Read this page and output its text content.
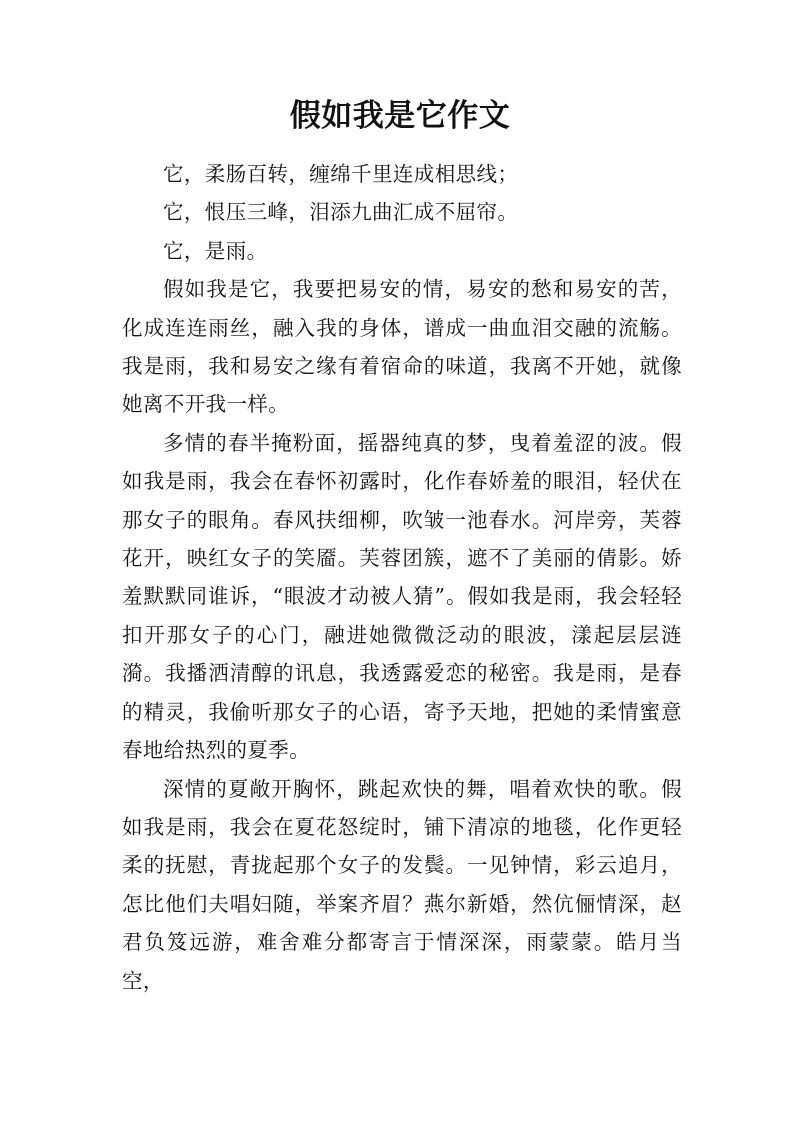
假如我是它作文

它，柔肠百转，缠绵千里连成相思线；

它，恨压三峰，泪添九曲汇成不屈帘。

它，是雨。

假如我是它，我要把易安的情，易安的愁和易安的苦，化成连连雨丝，融入我的身体，谱成一曲血泪交融的流觞。我是雨，我和易安之缘有着宿命的味道，我离不开她，就像她离不开我一样。

多情的春半掩粉面，摇器纯真的梦，曳着羞涩的波。假如我是雨，我会在春怀初露时，化作春娇羞的眼泪，轻伏在那女子的眼角。春风扶细柳，吹皱一池春水。河岸旁，芙蓉花开，映红女子的笑靥。芙蓉团簇，遮不了美丽的倩影。娇羞默默同谁诉，“眼波才动被人猜”。假如我是雨，我会轻轻扣开那女子的心门，融进她微微泛动的眼波，漾起层层涟漪。我播洒清醇的讯息，我透露爱恋的秘密。我是雨，是春的精灵，我偷听那女子的心语，寄予天地，把她的柔情蜜意春地给热烈的夏季。

深情的夏敞开胸怀，跳起欢快的舞，唱着欢快的歌。假如我是雨，我会在夏花怒绽时，铺下清凉的地毯，化作更轻柔的抚慰，青拢起那个女子的发鬓。一见钟情，彩云追月，怎比他们夫唱妇随，举案齐眉？燕尔新婚，然伉俪情深，赵君负笈远游，难舍难分都寄言于情深深，雨蒙蒙。皓月当空，
